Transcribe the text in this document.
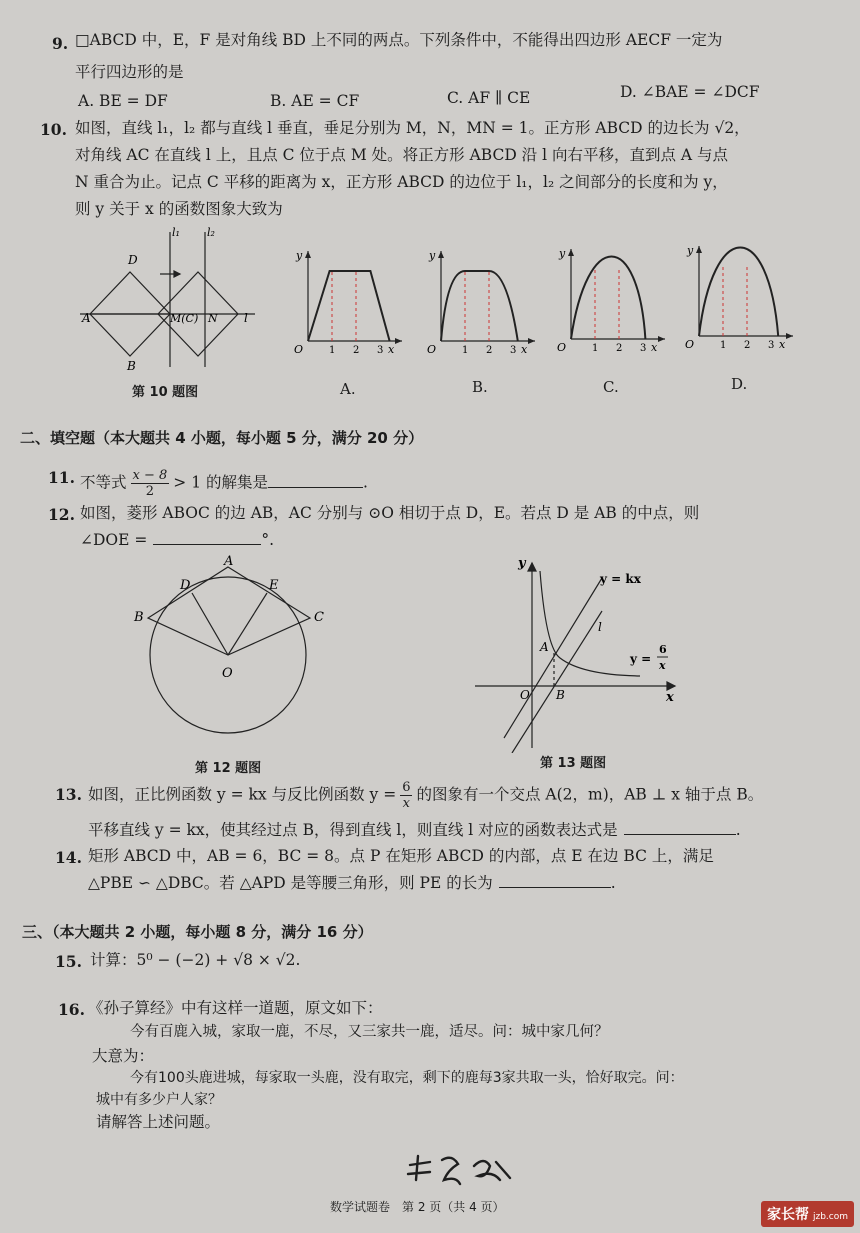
9. □ABCD 中，E，F 是对角线 BD 上不同的两点。下列条件中，不能得出四边形 AECF 一定为
平行四边形的是
A. BE = DF	B. AE = CF	C. AF ∥ CE	D. ∠BAE = ∠DCF
10. 如图，直线 l₁，l₂ 都与直线 l 垂直，垂足分别为 M，N，MN = 1。正方形 ABCD 的边长为 √2，
对角线 AC 在直线 l 上，且点 C 位于点 M 处。将正方形 ABCD 沿 l 向右平移，直到点 A 与点
N 重合为止。记点 C 平移的距离为 x，正方形 ABCD 的边位于 l₁，l₂ 之间部分的长度和为 y，
则 y 关于 x 的函数图象大致为
D
A
B
M(C) N
l₁ l₂
l
第 10 题图
y
O	1 2 3 x
y
O	1 2 3 x
y
O	1 2 3 x
y
O	1 2 3 x
A.	B.	C.	D.
二、填空题（本大题共 4 小题，每小题 5 分，满分 20 分）
11. 不等式 $\frac{x - 8}{2} > 1$ 的解集是	.
12. 如图，菱形 ABOC 的边 AB，AC 分别与 ⊙O 相切于点 D，E。若点 D 是 AB 的中点，则
∠DOE =	°.
A
B	C
D	E
O
第 12 题图
y
x
y = kx
l
y =
6
x
A
O B
第 13 题图
13. 如图，正比例函数 y = kx 与反比例函数 $y = \frac{6}{x}$ 的图象有一个交点 A(2，m)，AB ⊥ x 轴于点 B。
平移直线 y = kx，使其经过点 B，得到直线 l，则直线 l 对应的函数表达式是	.
14. 矩形 ABCD 中，AB = 6，BC = 8。点 P 在矩形 ABCD 的内部，点 E 在边 BC 上，满足
△PBE ∽ △DBC。若 △APD 是等腰三角形，则 PE 的长为	.
三、（本大题共 2 小题，每小题 8 分，满分 16 分）
15. 计算：5⁰ − (−2) + √8 × √2.
16. 《孙子算经》中有这样一道题，原文如下：
今有百鹿入城，家取一鹿，不尽，又三家共一鹿，适尽。问：城中家几何？
大意为：
今有100头鹿进城，每家取一头鹿，没有取完，剩下的鹿每3家共取一头，恰好取完。问：
城中有多少户人家？
请解答上述问题。
数学试题卷　第 2 页（共 4 页）	家长帮 jzb.com
